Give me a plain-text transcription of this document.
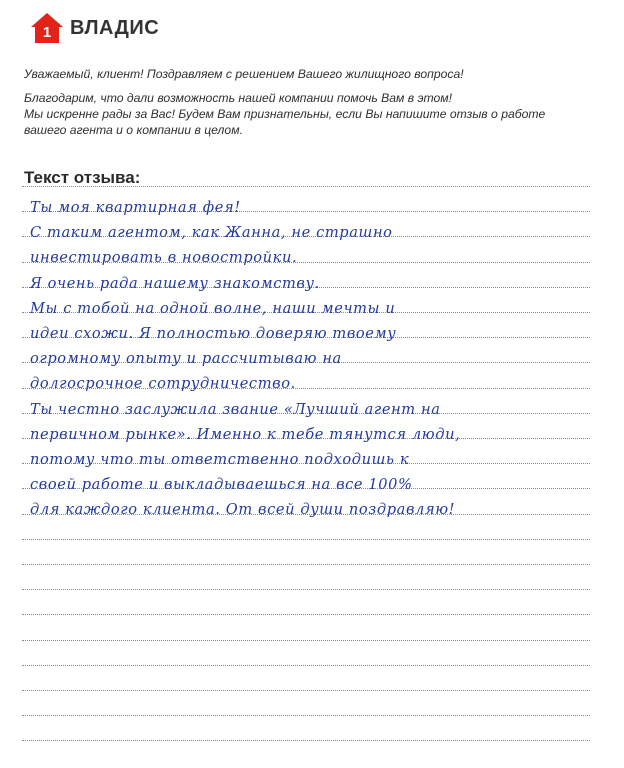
1 ВЛАДИС

Уважаемый, клиент! Поздравляем с решением Вашего жилищного вопроса!

Благодарим, что дали возможность нашей компании помочь Вам в этом!

Мы искренне рады за Вас! Будем Вам признательны, если Вы напишите отзыв о работе

вашего агента и о компании в целом.

Текст отзыва:
Ты моя квартирная фея!
С таким агентом, как Жанна, не страшно
инвестировать в новостройки.
Я очень рада нашему знакомству.
Мы с тобой на одной волне, наши мечты и
идеи схожи. Я полностью доверяю твоему
огромному опыту и рассчитываю на
долгосрочное сотрудничество.
Ты честно заслужила звание «Лучший агент на
первичном рынке». Именно к тебе тянутся люди,
потому что ты ответственно подходишь к
своей работе и выкладываешься на все 100%
для каждого клиента. От всей души поздравляю!
